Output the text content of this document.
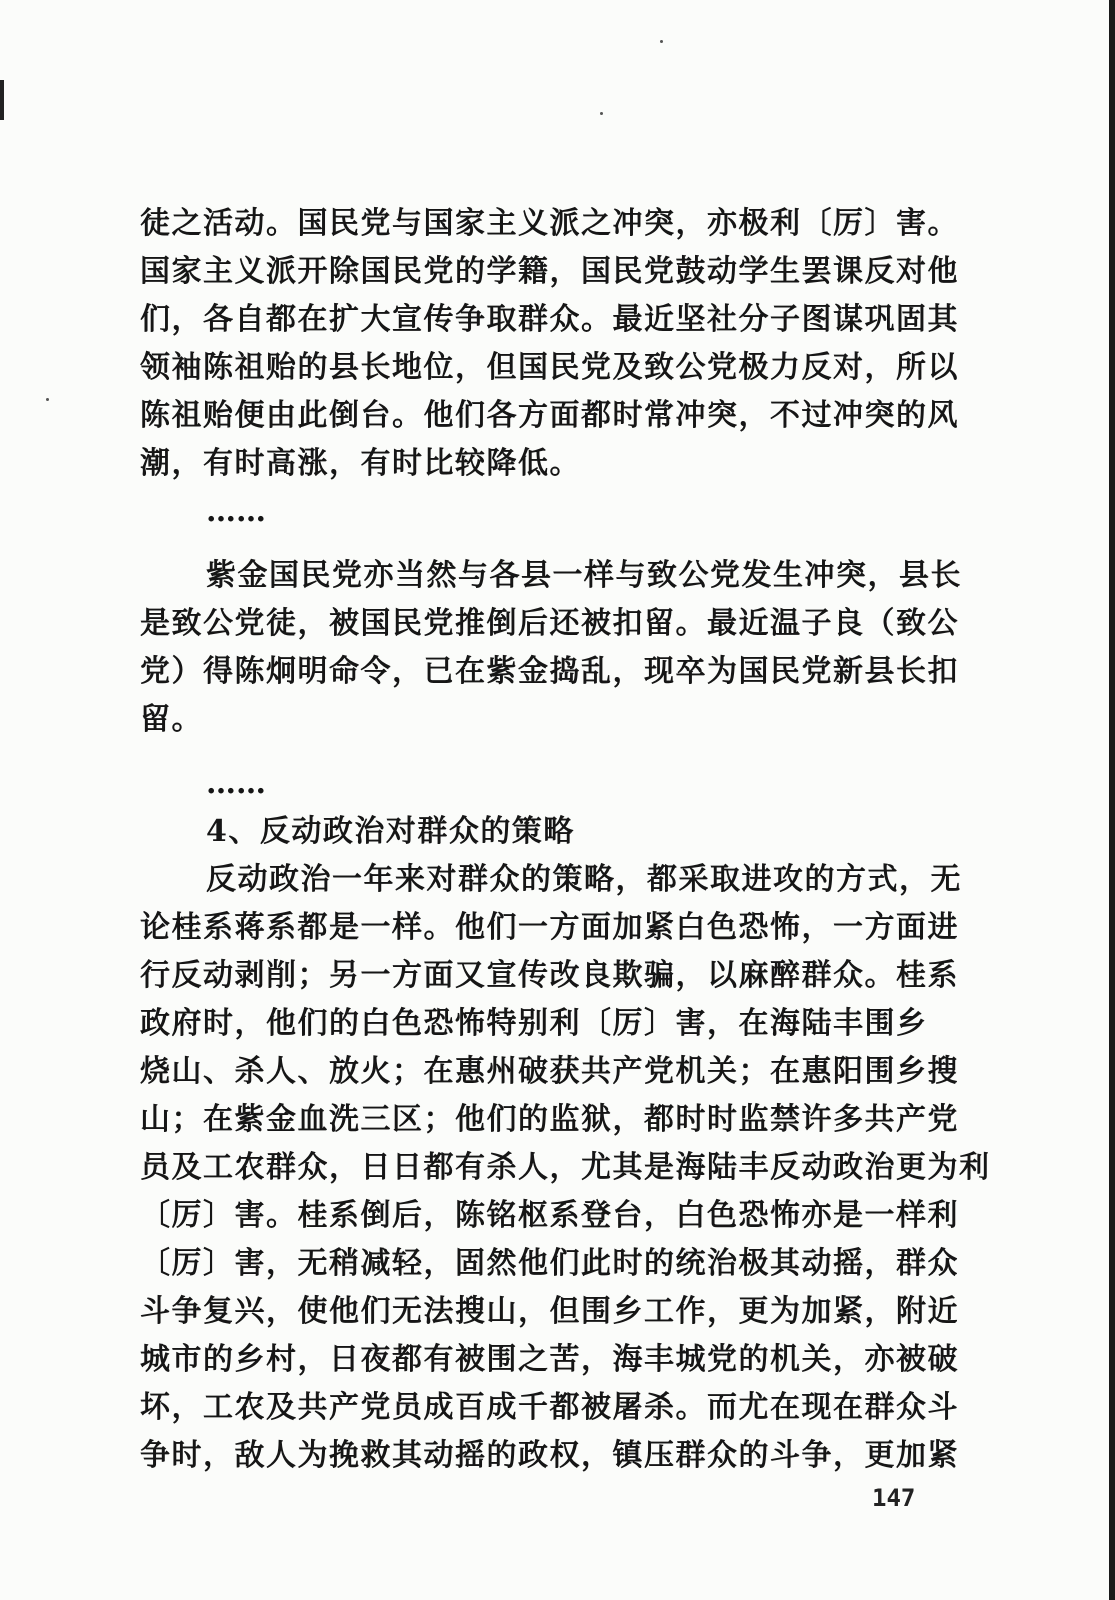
徒之活动。国民党与国家主义派之冲突，亦极利〔厉〕害。
国家主义派开除国民党的学籍，国民党鼓动学生罢课反对他
们，各自都在扩大宣传争取群众。最近坚社分子图谋巩固其
领袖陈祖贻的县长地位，但国民党及致公党极力反对，所以
陈祖贻便由此倒台。他们各方面都时常冲突，不过冲突的风
潮，有时高涨，有时比较降低。
……
紫金国民党亦当然与各县一样与致公党发生冲突，县长
是致公党徒，被国民党推倒后还被扣留。最近温子良（致公
党）得陈炯明命令，已在紫金捣乱，现卒为国民党新县长扣
留。
……
4、反动政治对群众的策略
反动政治一年来对群众的策略，都采取进攻的方式，无
论桂系蒋系都是一样。他们一方面加紧白色恐怖，一方面进
行反动剥削；另一方面又宣传改良欺骗，以麻醉群众。桂系
政府时，他们的白色恐怖特别利〔厉〕害，在海陆丰围乡
烧山、杀人、放火；在惠州破获共产党机关；在惠阳围乡搜
山；在紫金血洗三区；他们的监狱，都时时监禁许多共产党
员及工农群众，日日都有杀人，尤其是海陆丰反动政治更为利
〔厉〕害。桂系倒后，陈铭枢系登台，白色恐怖亦是一样利
〔厉〕害，无稍减轻，固然他们此时的统治极其动摇，群众
斗争复兴，使他们无法搜山，但围乡工作，更为加紧，附近
城市的乡村，日夜都有被围之苦，海丰城党的机关，亦被破
坏，工农及共产党员成百成千都被屠杀。而尤在现在群众斗
争时，敌人为挽救其动摇的政权，镇压群众的斗争，更加紧
147
